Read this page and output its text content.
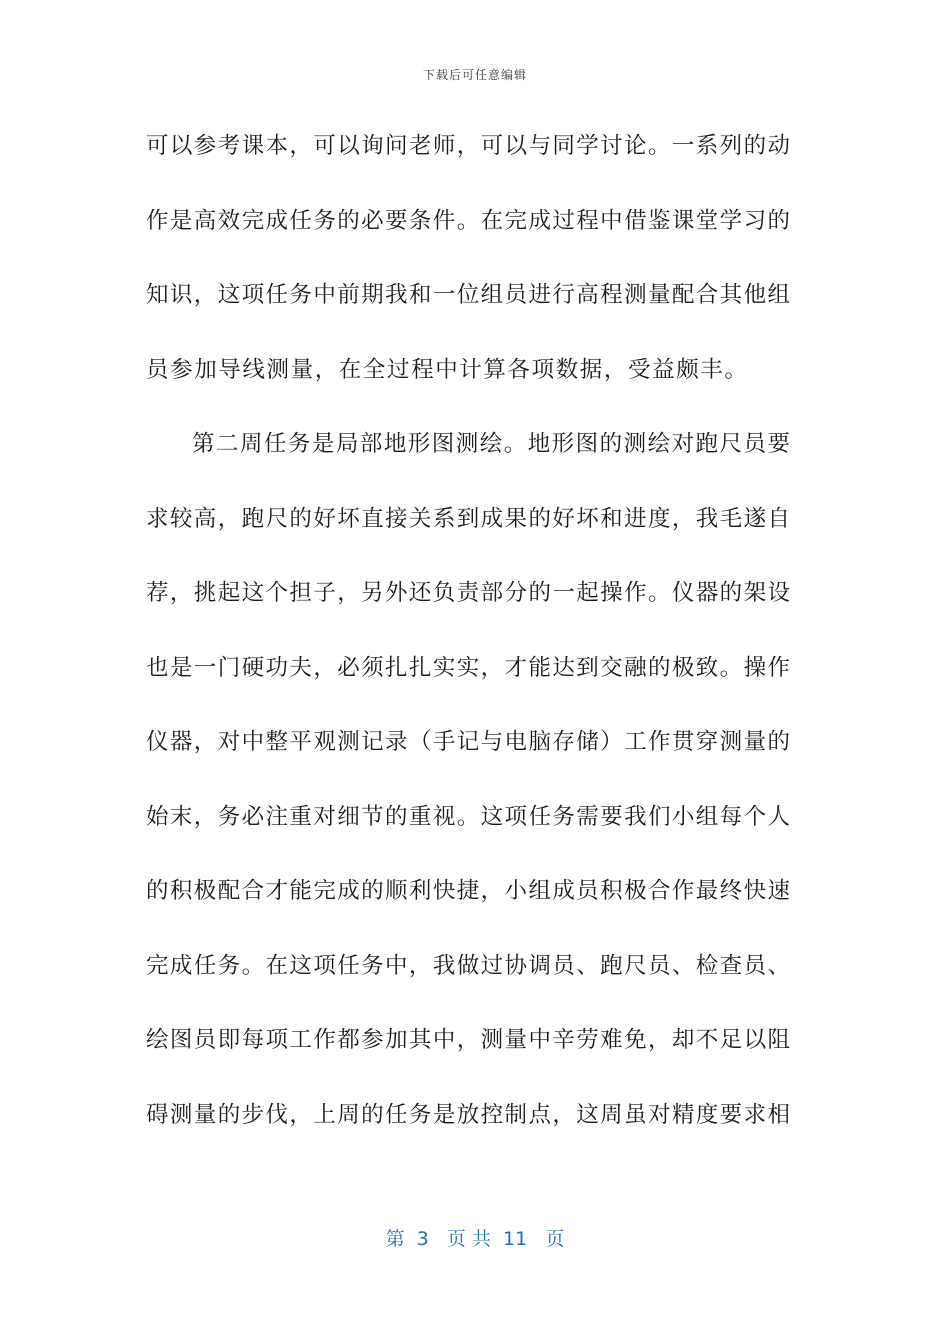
下载后可任意编辑
可以参考课本，可以询问老师，可以与同学讨论。一系列的动
作是高效完成任务的必要条件。在完成过程中借鉴课堂学习的
知识，这项任务中前期我和一位组员进行高程测量配合其他组
员参加导线测量，在全过程中计算各项数据，受益颇丰。
第二周任务是局部地形图测绘。地形图的测绘对跑尺员要
求较高，跑尺的好坏直接关系到成果的好坏和进度，我毛遂自
荐，挑起这个担子，另外还负责部分的一起操作。仪器的架设
也是一门硬功夫，必须扎扎实实，才能达到交融的极致。操作
仪器，对中整平观测记录（手记与电脑存储）工作贯穿测量的
始末，务必注重对细节的重视。这项任务需要我们小组每个人
的积极配合才能完成的顺利快捷，小组成员积极合作最终快速
完成任务。在这项任务中，我做过协调员、跑尺员、检查员、
绘图员即每项工作都参加其中，测量中辛劳难免，却不足以阻
碍测量的步伐，上周的任务是放控制点，这周虽对精度要求相
第  3   页 共  11   页
